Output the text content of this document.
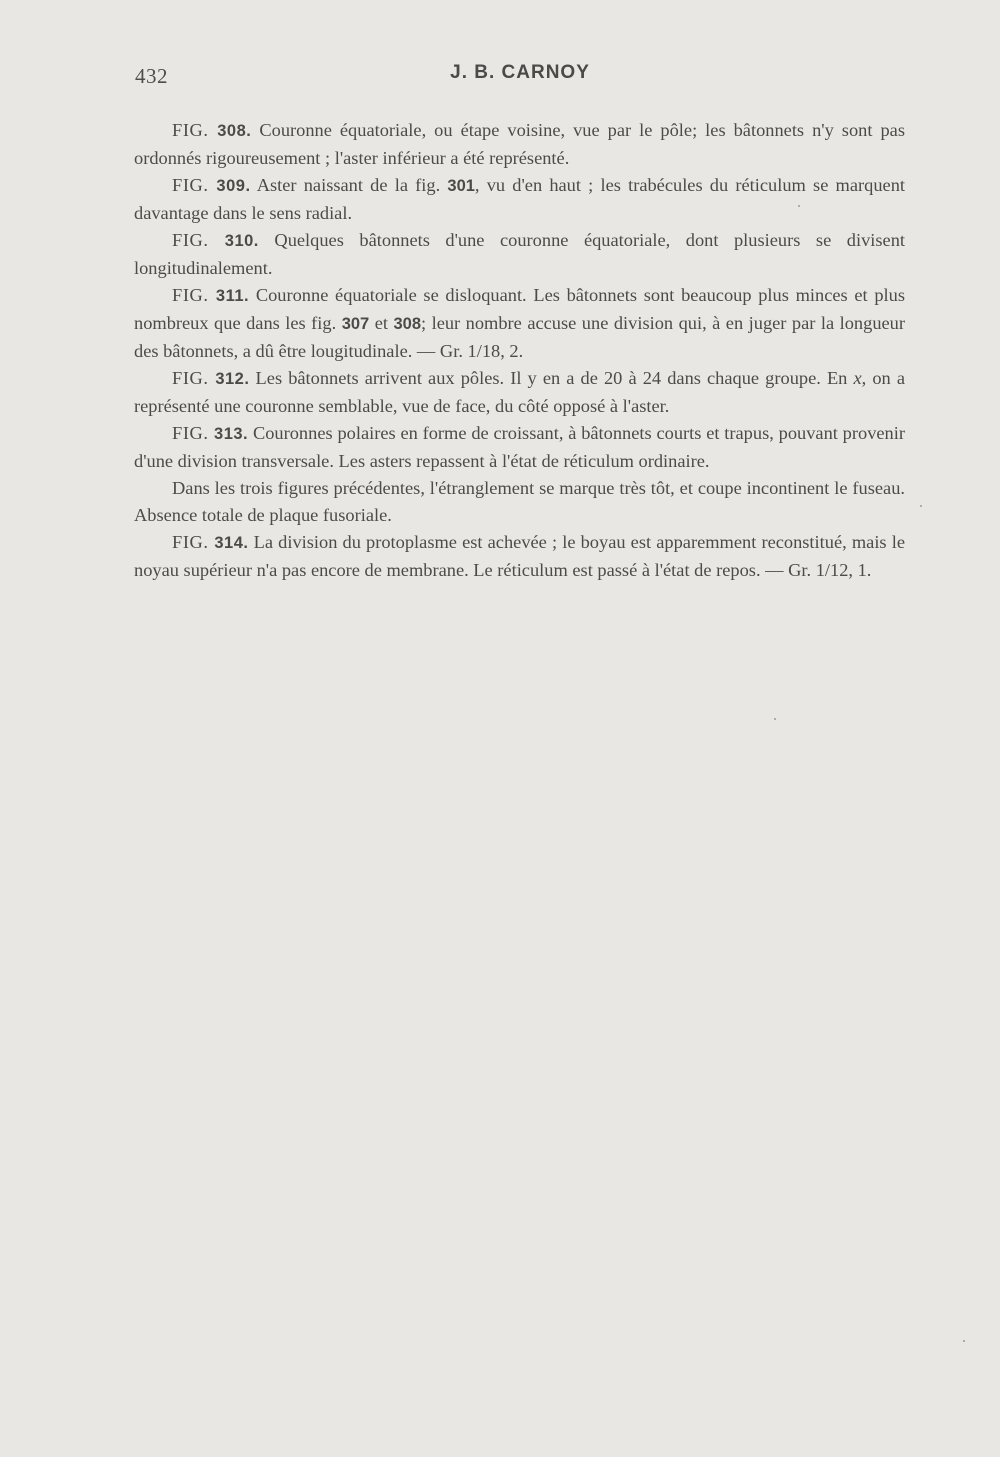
432	J. B. CARNOY

FIG. 308. Couronne équatoriale, ou étape voisine, vue par le pôle; les bâtonnets n'y sont pas ordonnés rigoureusement ; l'aster inférieur a été représenté.

FIG. 309. Aster naissant de la fig. 301, vu d'en haut ; les trabécules du réticulum se marquent davantage dans le sens radial.

FIG. 310. Quelques bâtonnets d'une couronne équatoriale, dont plusieurs se divisent longitudinalement.

FIG. 311. Couronne équatoriale se disloquant. Les bâtonnets sont beaucoup plus minces et plus nombreux que dans les fig. 307 et 308; leur nombre accuse une division qui, à en juger par la longueur des bâtonnets, a dû être lougitudinale. — Gr. 1/18, 2.

FIG. 312. Les bâtonnets arrivent aux pôles. Il y en a de 20 à 24 dans chaque groupe. En x, on a représenté une couronne semblable, vue de face, du côté opposé à l'aster.

FIG. 313. Couronnes polaires en forme de croissant, à bâtonnets courts et trapus, pouvant provenir d'une division transversale. Les asters repassent à l'état de réticulum ordinaire.

Dans les trois figures précédentes, l'étranglement se marque très tôt, et coupe incontinent le fuseau. Absence totale de plaque fusoriale.

FIG. 314. La division du protoplasme est achevée ; le boyau est apparemment reconstitué, mais le noyau supérieur n'a pas encore de membrane. Le réticulum est passé à l'état de repos. — Gr. 1/12, 1.
